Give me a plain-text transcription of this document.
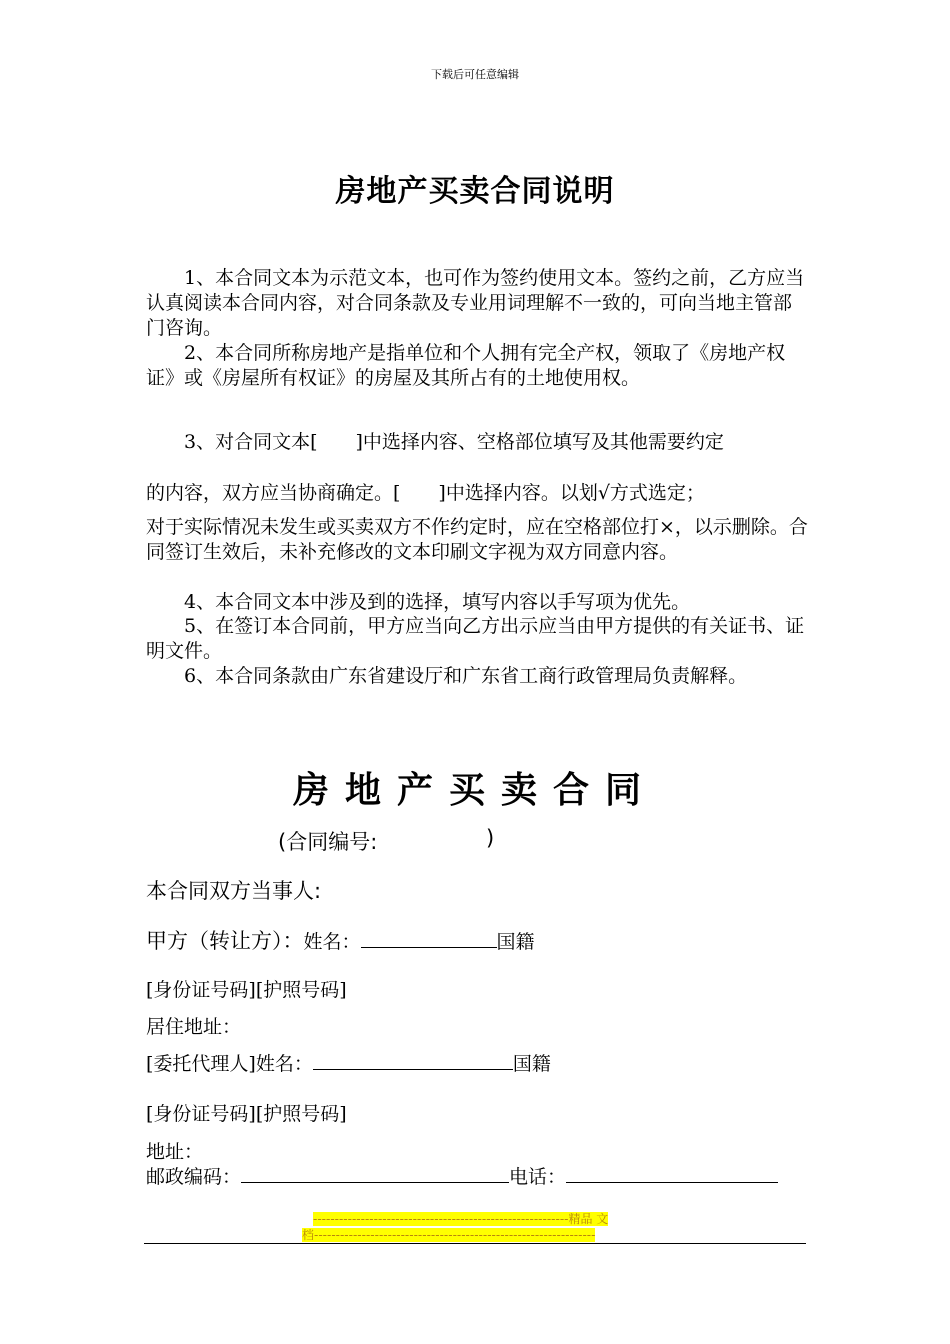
下载后可任意编辑
房地产买卖合同说明
　　1、本合同文本为示范文本，也可作为签约使用文本。签约之前，乙方应当认真阅读本合同内容，对合同条款及专业用词理解不一致的，可向当地主管部门咨询。
　　2、本合同所称房地产是指单位和个人拥有完全产权，领取了《房地产权证》或《房屋所有权证》的房屋及其所占有的土地使用权。
　　3、对合同文本[　　]中选择内容、空格部位填写及其他需要约定
的内容，双方应当协商确定。[　　]中选择内容。以划√方式选定；
对于实际情况未发生或买卖双方不作约定时，应在空格部位打×，以示删除。合同签订生效后，未补充修改的文本印刷文字视为双方同意内容。
　　4、本合同文本中涉及到的选择，填写内容以手写项为优先。
　　5、在签订本合同前，甲方应当向乙方出示应当由甲方提供的有关证书、证明文件。
　　6、本合同条款由广东省建设厅和广东省工商行政管理局负责解释。
房地产买卖合同
(合同编号:	)
本合同双方当事人:
甲方（转让方）：姓名：	国籍
[身份证号码][护照号码]
居住地址：
[委托代理人]姓名：	国籍
[身份证号码][护照号码]
地址：
邮政编码：	电话：
-----------------------------------------------------------精品 文
档-----------------------------------------------------------------
